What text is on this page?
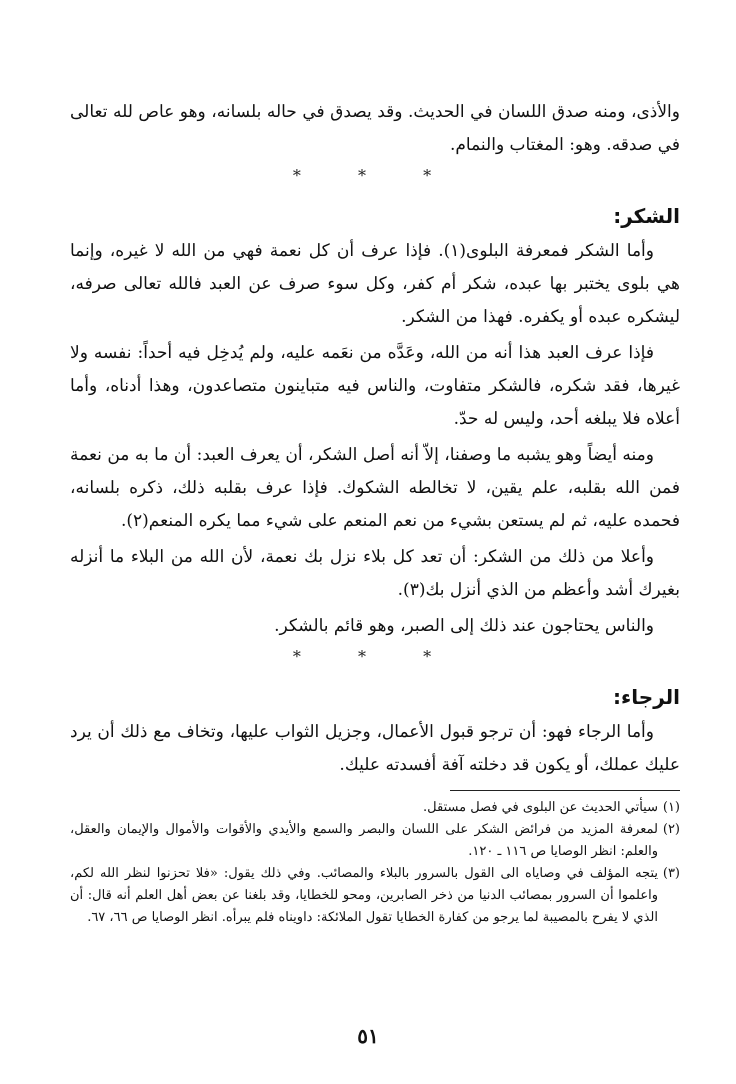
والأذى، ومنه صدق اللسان في الحديث. وقد يصدق في حاله بلسانه، وهو عاص لله تعالى في صدقه. وهو: المغتاب والنمام.

* * *
الشكر:

وأما الشكر فمعرفة البلوى(١). فإذا عرف أن كل نعمة فهي من الله لا غيره، وإنما هي بلوى يختبر بها عبده، شكر أم كفر، وكل سوء صرف عن العبد فالله تعالى صرفه، ليشكره عبده أو يكفره. فهذا من الشكر.

فإذا عرف العبد هذا أنه من الله، وعَدَّه من نعَمه عليه، ولم يُدخِل فيه أحداً: نفسه ولا غيرها، فقد شكره، فالشكر متفاوت، والناس فيه متباينون متصاعدون، وهذا أدناه، وأما أعلاه فلا يبلغه أحد، وليس له حدّ.

ومنه أيضاً وهو يشبه ما وصفنا، إلاّ أنه أصل الشكر، أن يعرف العبد: أن ما به من نعمة فمن الله بقلبه، علم يقين، لا تخالطه الشكوك. فإذا عرف بقلبه ذلك، ذكره بلسانه، فحمده عليه، ثم لم يستعن بشيء من نعم المنعم على شيء مما يكره المنعم(٢).

وأعلا من ذلك من الشكر: أن تعد كل بلاء نزل بك نعمة، لأن الله من البلاء ما أنزله بغيرك أشد وأعظم من الذي أنزل بك(٣).

والناس يحتاجون عند ذلك إلى الصبر، وهو قائم بالشكر.

* * *
الرجاء:

وأما الرجاء فهو: أن ترجو قبول الأعمال، وجزيل الثواب عليها، وتخاف مع ذلك أن يرد عليك عملك، أو يكون قد دخلته آفة أفسدته عليك.

(١)
سيأتي الحديث عن البلوى في فصل مستقل.

(٢)
لمعرفة المزيد من فرائض الشكر على اللسان والبصر والسمع والأيدي والأقوات والأموال والإيمان والعقل، والعلم: انظر الوصايا ص ١١٦ ـ ١٢٠.

(٣)
يتجه المؤلف في وصاياه الى القول بالسرور بالبلاء والمصائب. وفي ذلك يقول: «فلا تحزنوا لنظر الله لكم، واعلموا أن السرور بمصائب الدنيا من ذخر الصابرين، ومحو للخطايا، وقد بلغنا عن بعض أهل العلم أنه قال: أن الذي لا يفرح بالمصيبة لما يرجو من كفارة الخطايا تقول الملائكة: داويناه فلم يبرأه. انظر الوصايا ص ٦٦، ٦٧.

٥١
